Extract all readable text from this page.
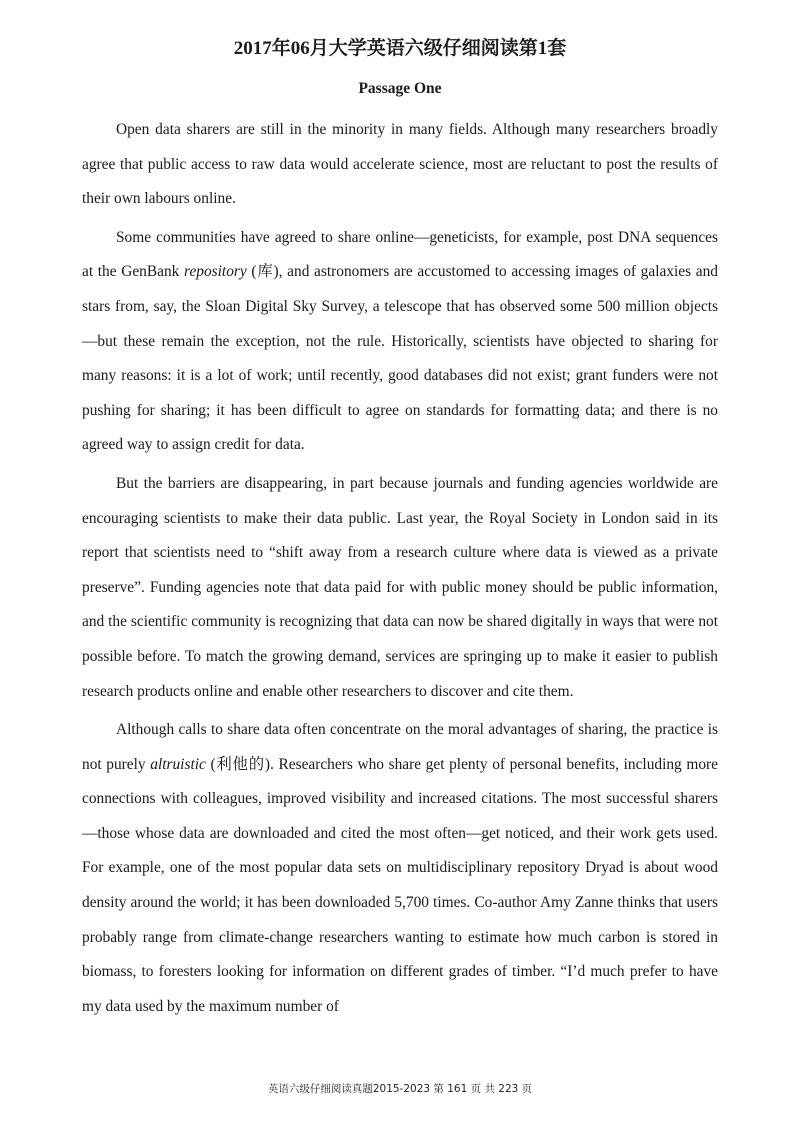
2017年06月大学英语六级仔细阅读第1套
Passage One

Open data sharers are still in the minority in many fields. Although many researchers broadly agree that public access to raw data would accelerate science, most are reluctant to post the results of their own labours online.

Some communities have agreed to share online—geneticists, for example, post DNA sequences at the GenBank repository (库), and astronomers are accustomed to accessing images of galaxies and stars from, say, the Sloan Digital Sky Survey, a telescope that has observed some 500 million objects—but these remain the exception, not the rule. Historically, scientists have objected to sharing for many reasons: it is a lot of work; until recently, good databases did not exist; grant funders were not pushing for sharing; it has been difficult to agree on standards for formatting data; and there is no agreed way to assign credit for data.

But the barriers are disappearing, in part because journals and funding agencies worldwide are encouraging scientists to make their data public. Last year, the Royal Society in London said in its report that scientists need to “shift away from a research culture where data is viewed as a private preserve”. Funding agencies note that data paid for with public money should be public information, and the scientific community is recognizing that data can now be shared digitally in ways that were not possible before. To match the growing demand, services are springing up to make it easier to publish research products online and enable other researchers to discover and cite them.

Although calls to share data often concentrate on the moral advantages of sharing, the practice is not purely altruistic (利他的). Researchers who share get plenty of personal benefits, including more connections with colleagues, improved visibility and increased citations. The most successful sharers—those whose data are downloaded and cited the most often—get noticed, and their work gets used. For example, one of the most popular data sets on multidisciplinary repository Dryad is about wood density around the world; it has been downloaded 5,700 times. Co-author Amy Zanne thinks that users probably range from climate-change researchers wanting to estimate how much carbon is stored in biomass, to foresters looking for information on different grades of timber. “I’d much prefer to have my data used by the maximum number of

英语六级仔细阅读真题2015-2023 第 161 页 共 223 页
